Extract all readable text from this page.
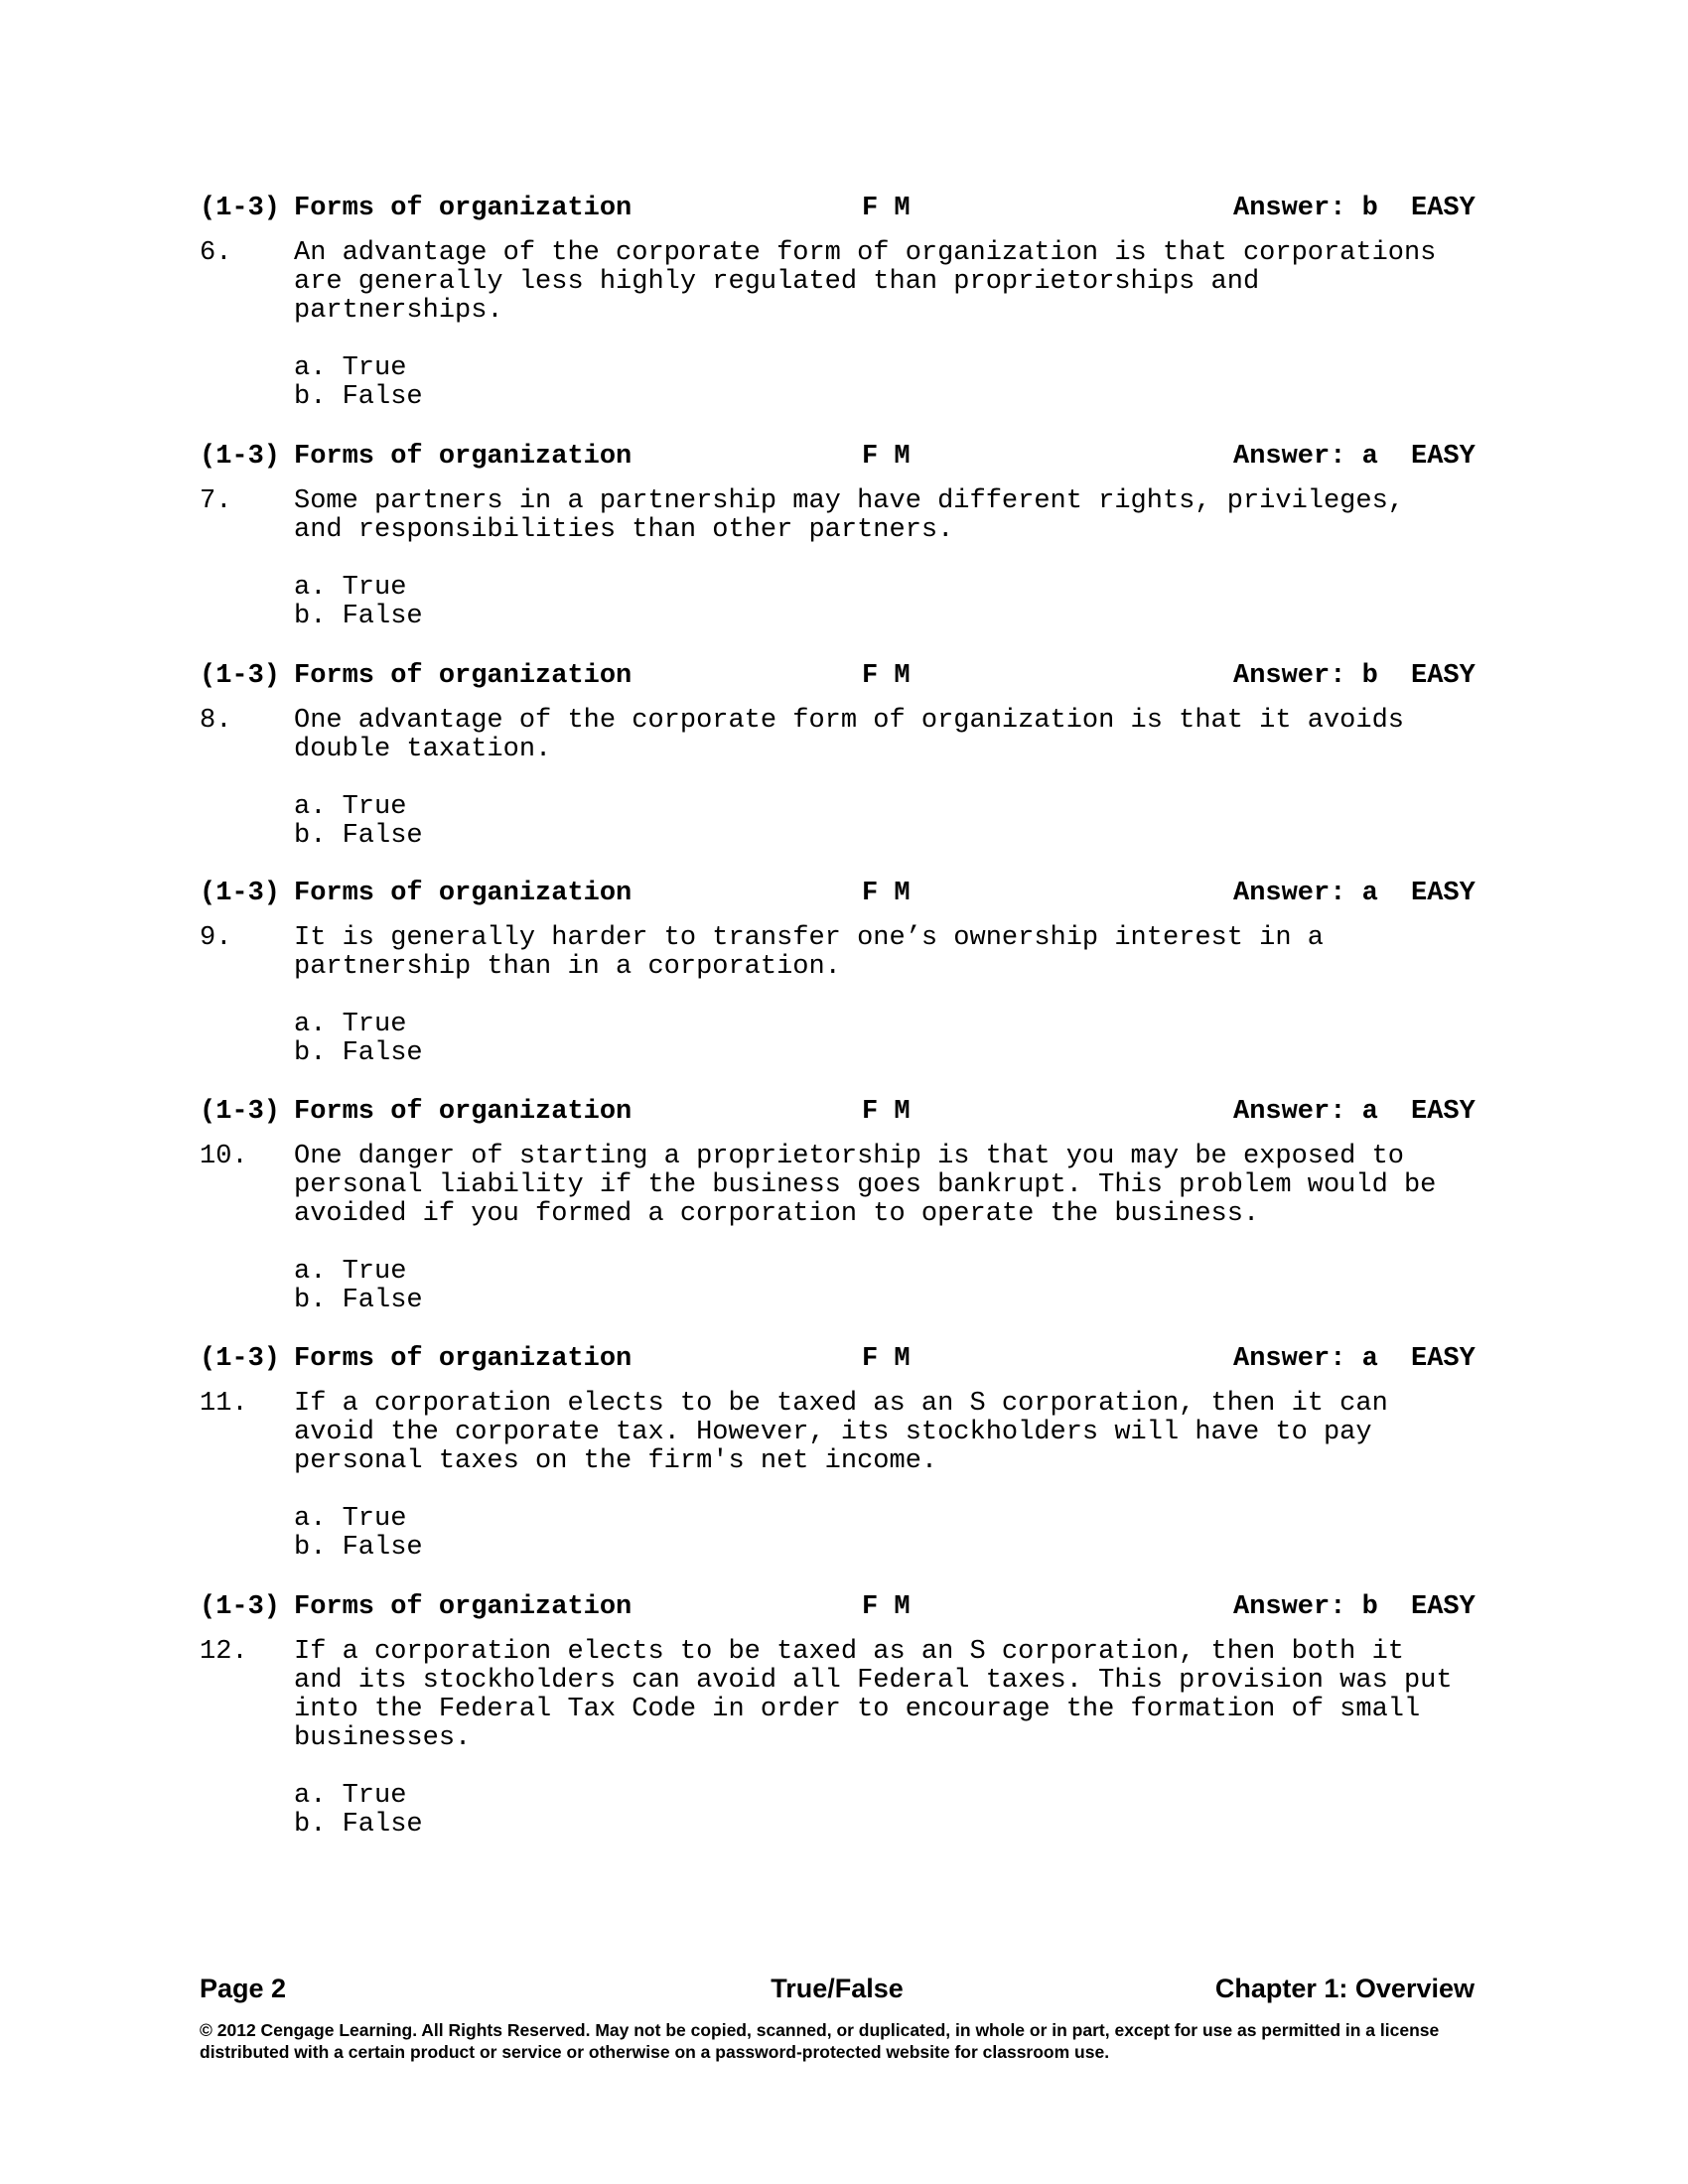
(1-3)

Forms of organization

	F M

	Answer: b

EASY

6.	An advantage of the corporate form of organization is that corporations are generally less highly regulated than proprietorships and partnerships.
a. True
b. False

(1-3)

Forms of organization

	F M

	Answer: a

EASY

7.	Some partners in a partnership may have different rights, privileges, and responsibilities than other partners.
a. True
b. False

(1-3)

Forms of organization

	F M

	Answer: b

EASY

8.	One advantage of the corporate form of organization is that it avoids double taxation.
a. True
b. False

(1-3)

Forms of organization

	F M

	Answer: a

EASY

9.	It is generally harder to transfer one’s ownership interest in a partnership than in a corporation.
a. True
b. False

(1-3)

Forms of organization

	F M

	Answer: a

EASY

10.	One danger of starting a proprietorship is that you may be exposed to personal liability if the business goes bankrupt. This problem would be avoided if you formed a corporation to operate the business.
a. True
b. False

(1-3)

Forms of organization

	F M

	Answer: a

EASY

11.	If a corporation elects to be taxed as an S corporation, then it can avoid the corporate tax. However, its stockholders will have to pay personal taxes on the firm's net income.
a. True
b. False

(1-3)

Forms of organization

	F M

	Answer: b

EASY

12.	If a corporation elects to be taxed as an S corporation, then both it and its stockholders can avoid all Federal taxes. This provision was put into the Federal Tax Code in order to encourage the formation of small businesses.
a. True
b. False
Page 2	True/False	Chapter 1: Overview
© 2012 Cengage Learning. All Rights Reserved. May not be copied, scanned, or duplicated, in whole or in part, except for use as permitted in a license distributed with a certain product or service or otherwise on a password-protected website for classroom use.
